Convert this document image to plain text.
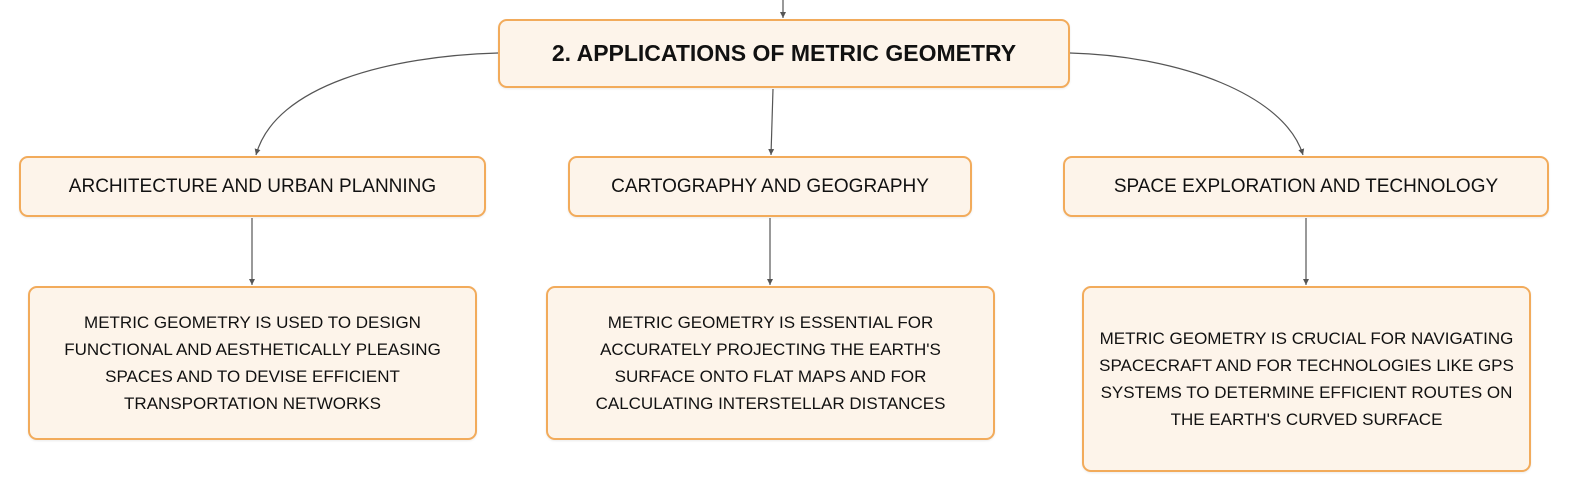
2. APPLICATIONS OF METRIC GEOMETRY
ARCHITECTURE AND URBAN PLANNING	CARTOGRAPHY AND GEOGRAPHY	SPACE EXPLORATION AND TECHNOLOGY
METRIC GEOMETRY IS USED TO DESIGN FUNCTIONAL AND AESTHETICALLY PLEASING SPACES AND TO DEVISE EFFICIENT TRANSPORTATION NETWORKS
METRIC GEOMETRY IS ESSENTIAL FOR ACCURATELY PROJECTING THE EARTH'S SURFACE ONTO FLAT MAPS AND FOR CALCULATING INTERSTELLAR DISTANCES
METRIC GEOMETRY IS CRUCIAL FOR NAVIGATING SPACECRAFT AND FOR TECHNOLOGIES LIKE GPS SYSTEMS TO DETERMINE EFFICIENT ROUTES ON THE EARTH'S CURVED SURFACE
